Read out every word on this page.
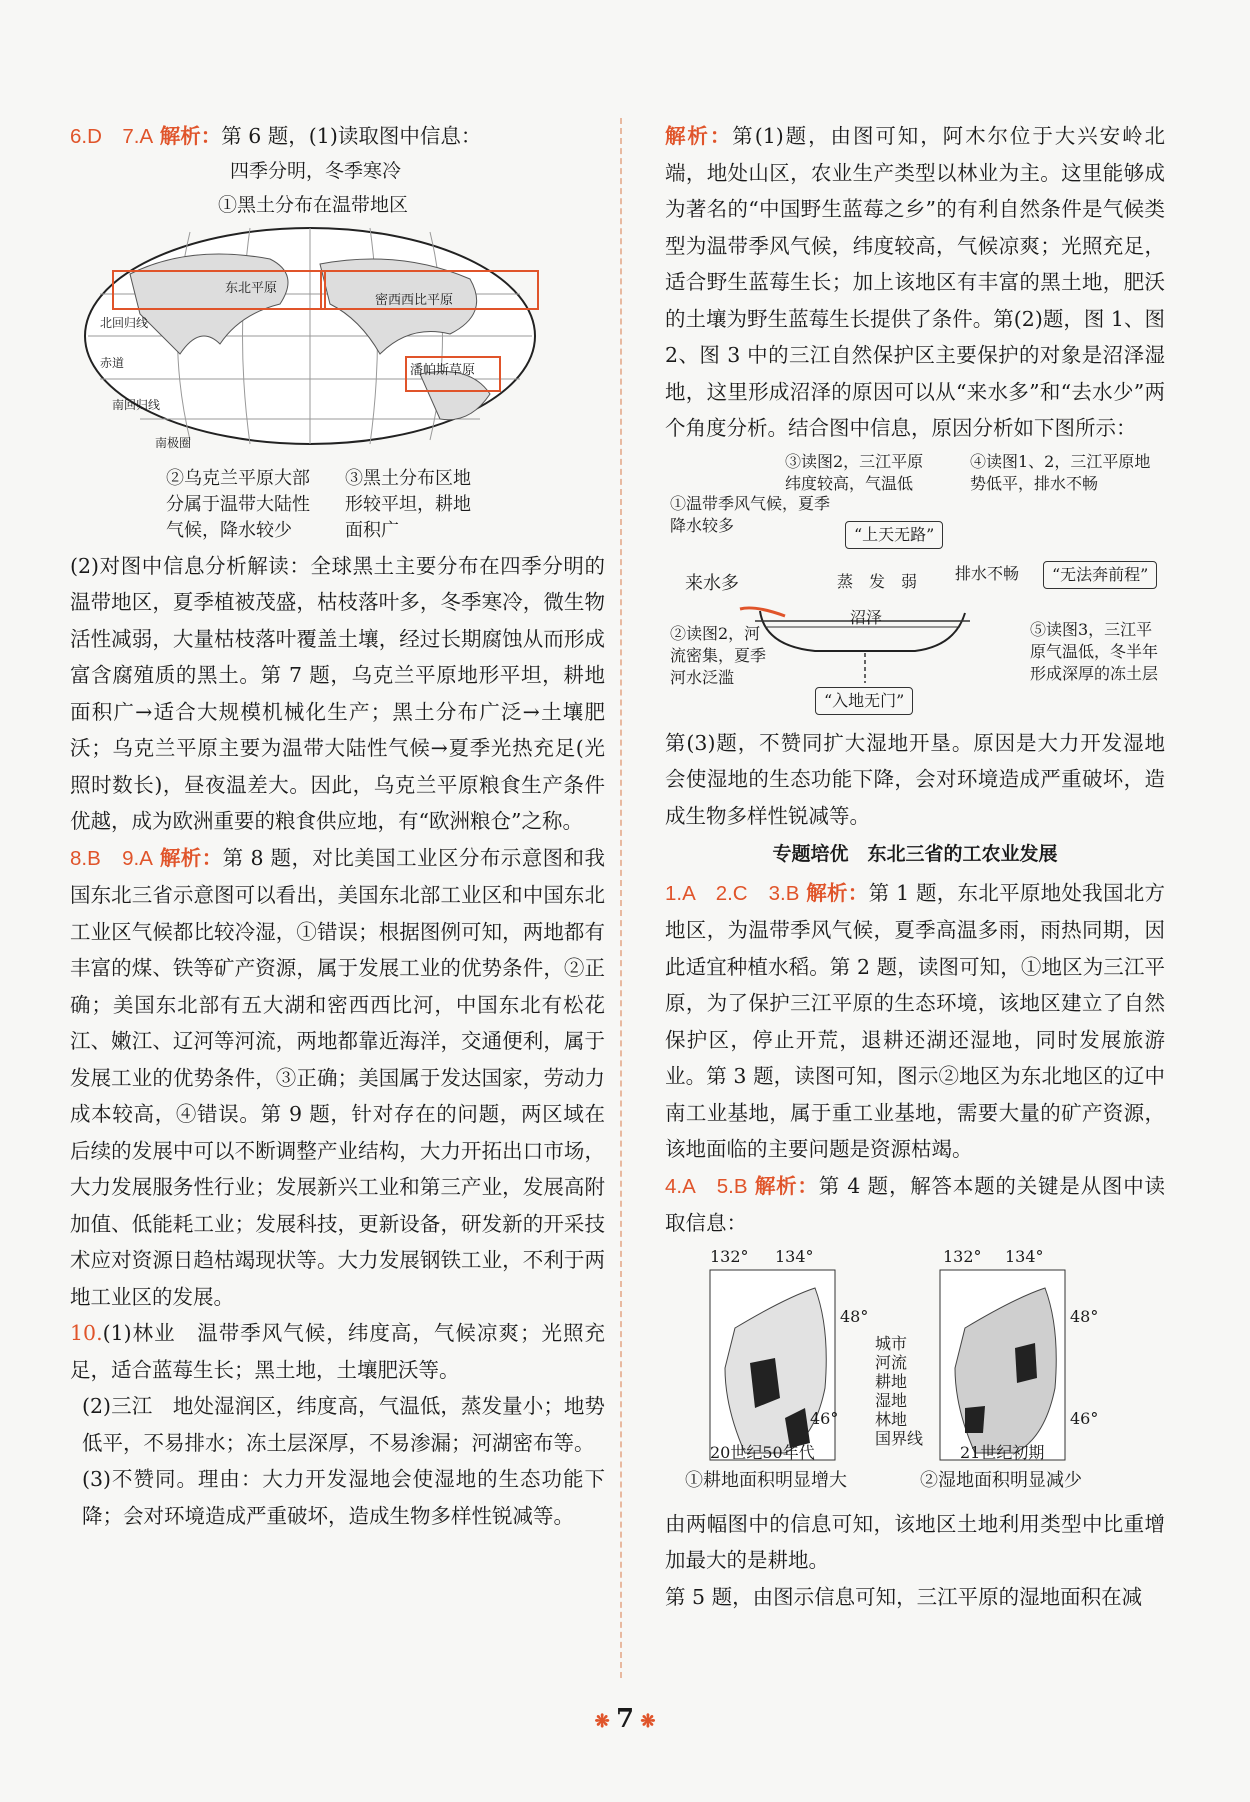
6.D　7.A 解析：第 6 题，(1)读取图中信息：

四季分明，冬季寒冷
①黑土分布在温带地区
东北平原
密西西比平原
潘帕斯草原
北回归线
赤道
南回归线
南极圈
②乌克兰平原大部分属于温带大陆性气候，降水较少
③黑土分布区地形较平坦，耕地面积广

(2)对图中信息分析解读：全球黑土主要分布在四季分明的温带地区，夏季植被茂盛，枯枝落叶多，冬季寒冷，微生物活性减弱，大量枯枝落叶覆盖土壤，经过长期腐蚀从而形成富含腐殖质的黑土。第 7 题，乌克兰平原地形平坦，耕地面积广→适合大规模机械化生产；黑土分布广泛→土壤肥沃；乌克兰平原主要为温带大陆性气候→夏季光热充足(光照时数长)，昼夜温差大。因此，乌克兰平原粮食生产条件优越，成为欧洲重要的粮食供应地，有“欧洲粮仓”之称。

8.B　9.A 解析：第 8 题，对比美国工业区分布示意图和我国东北三省示意图可以看出，美国东北部工业区和中国东北工业区气候都比较冷湿，①错误；根据图例可知，两地都有丰富的煤、铁等矿产资源，属于发展工业的优势条件，②正确；美国东北部有五大湖和密西西比河，中国东北有松花江、嫩江、辽河等河流，两地都靠近海洋，交通便利，属于发展工业的优势条件，③正确；美国属于发达国家，劳动力成本较高，④错误。第 9 题，针对存在的问题，两区域在后续的发展中可以不断调整产业结构，大力开拓出口市场，大力发展服务性行业；发展新兴工业和第三产业，发展高附加值、低能耗工业；发展科技，更新设备，研发新的开采技术应对资源日趋枯竭现状等。大力发展钢铁工业，不利于两地工业区的发展。

10.(1)林业　温带季风气候，纬度高，气候凉爽；光照充足，适合蓝莓生长；黑土地，土壤肥沃等。

(2)三江　地处湿润区，纬度高，气温低，蒸发量小；地势低平，不易排水；冻土层深厚，不易渗漏；河湖密布等。

(3)不赞同。理由：大力开发湿地会使湿地的生态功能下降；会对环境造成严重破坏，造成生物多样性锐减等。

解析：第(1)题，由图可知，阿木尔位于大兴安岭北端，地处山区，农业生产类型以林业为主。这里能够成为著名的“中国野生蓝莓之乡”的有利自然条件是气候类型为温带季风气候，纬度较高，气候凉爽；光照充足，适合野生蓝莓生长；加上该地区有丰富的黑土地，肥沃的土壤为野生蓝莓生长提供了条件。第(2)题，图 1、图 2、图 3 中的三江自然保护区主要保护的对象是沼泽湿地，这里形成沼泽的原因可以从“来水多”和“去水少”两个角度分析。结合图中信息，原因分析如下图所示：

③读图2，三江平原纬度较高，气温低
④读图1、2，三江平原地势低平，排水不畅
①温带季风气候，夏季降水较多	“上天无路”
来水多	蒸　发　弱 排水不畅	“无法奔前程”
沼泽
②读图2，河流密集，夏季河水泛滥
“入地无门”
⑤读图3，三江平原气温低，冬半年形成深厚的冻土层

第(3)题，不赞同扩大湿地开垦。原因是大力开发湿地会使湿地的生态功能下降，会对环境造成严重破坏，造成生物多样性锐减等。

专题培优　东北三省的工农业发展

1.A　2.C　3.B 解析：第 1 题，东北平原地处我国北方地区，为温带季风气候，夏季高温多雨，雨热同期，因此适宜种植水稻。第 2 题，读图可知，①地区为三江平原，为了保护三江平原的生态环境，该地区建立了自然保护区，停止开荒，退耕还湖还湿地，同时发展旅游业。第 3 题，读图可知，图示②地区为东北地区的辽中南工业基地，属于重工业基地，需要大量的矿产资源，该地面临的主要问题是资源枯竭。

4.A　5.B 解析：第 4 题，解答本题的关键是从图中读取信息：

132° 134°	132° 134°
48°
46°
48°
46°
城市
河流
耕地
湿地
林地
国界线
20世纪50年代	21世纪初期
①耕地面积明显增大	②湿地面积明显减少

由两幅图中的信息可知，该地区土地利用类型中比重增加最大的是耕地。

第 5 题，由图示信息可知，三江平原的湿地面积在减

❋ 7 ❋
